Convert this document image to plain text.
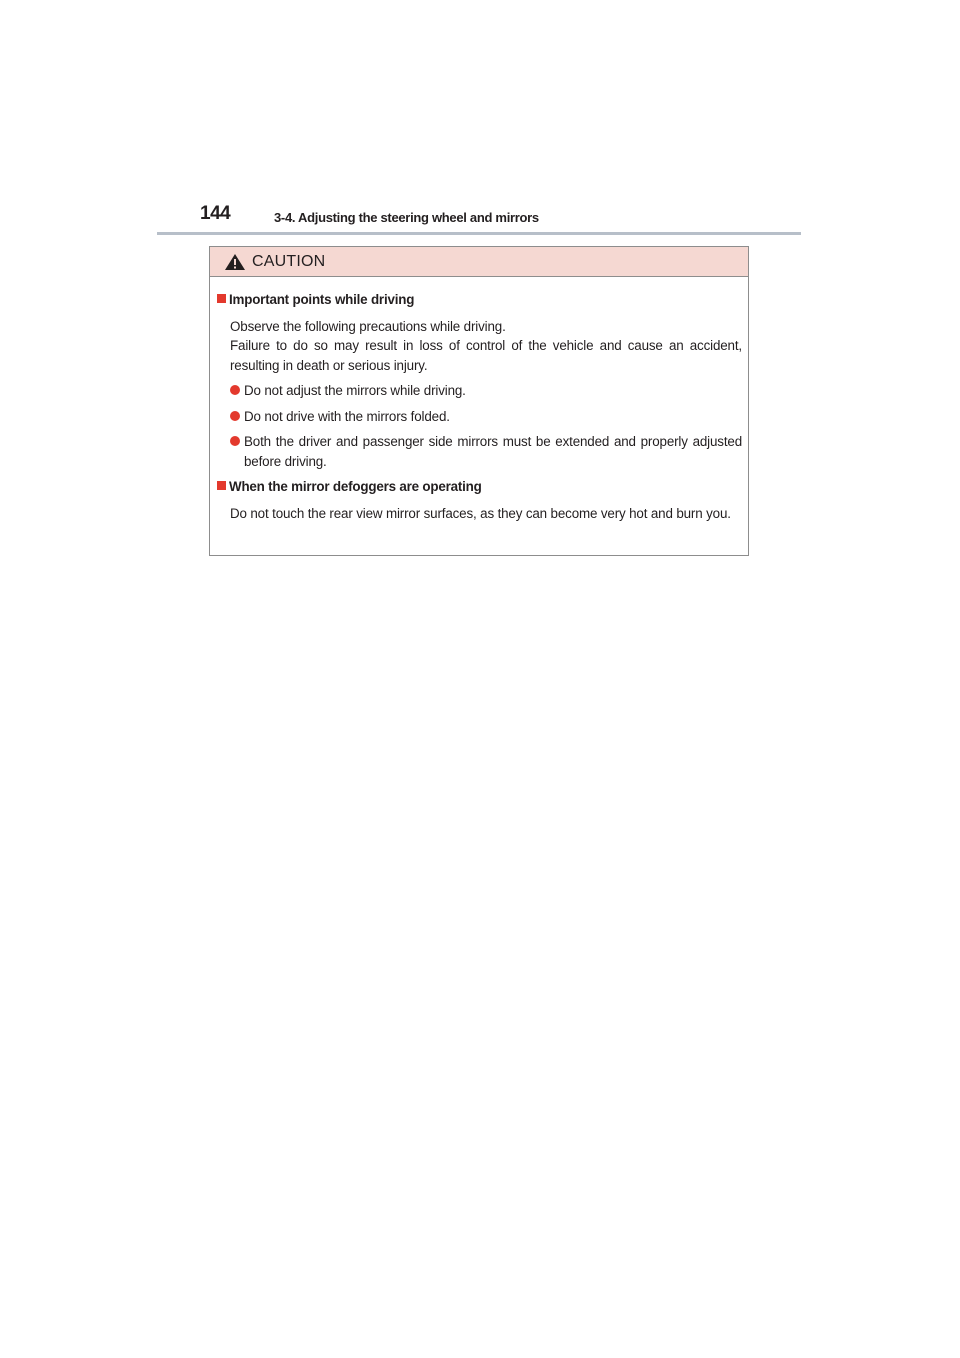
144	3-4. Adjusting the steering wheel and mirrors
CAUTION
Important points while driving
Observe the following precautions while driving.
Failure to do so may result in loss of control of the vehicle and cause an accident, resulting in death or serious injury.
Do not adjust the mirrors while driving.
Do not drive with the mirrors folded.
Both the driver and passenger side mirrors must be extended and properly adjusted before driving.
When the mirror defoggers are operating
Do not touch the rear view mirror surfaces, as they can become very hot and burn you.
